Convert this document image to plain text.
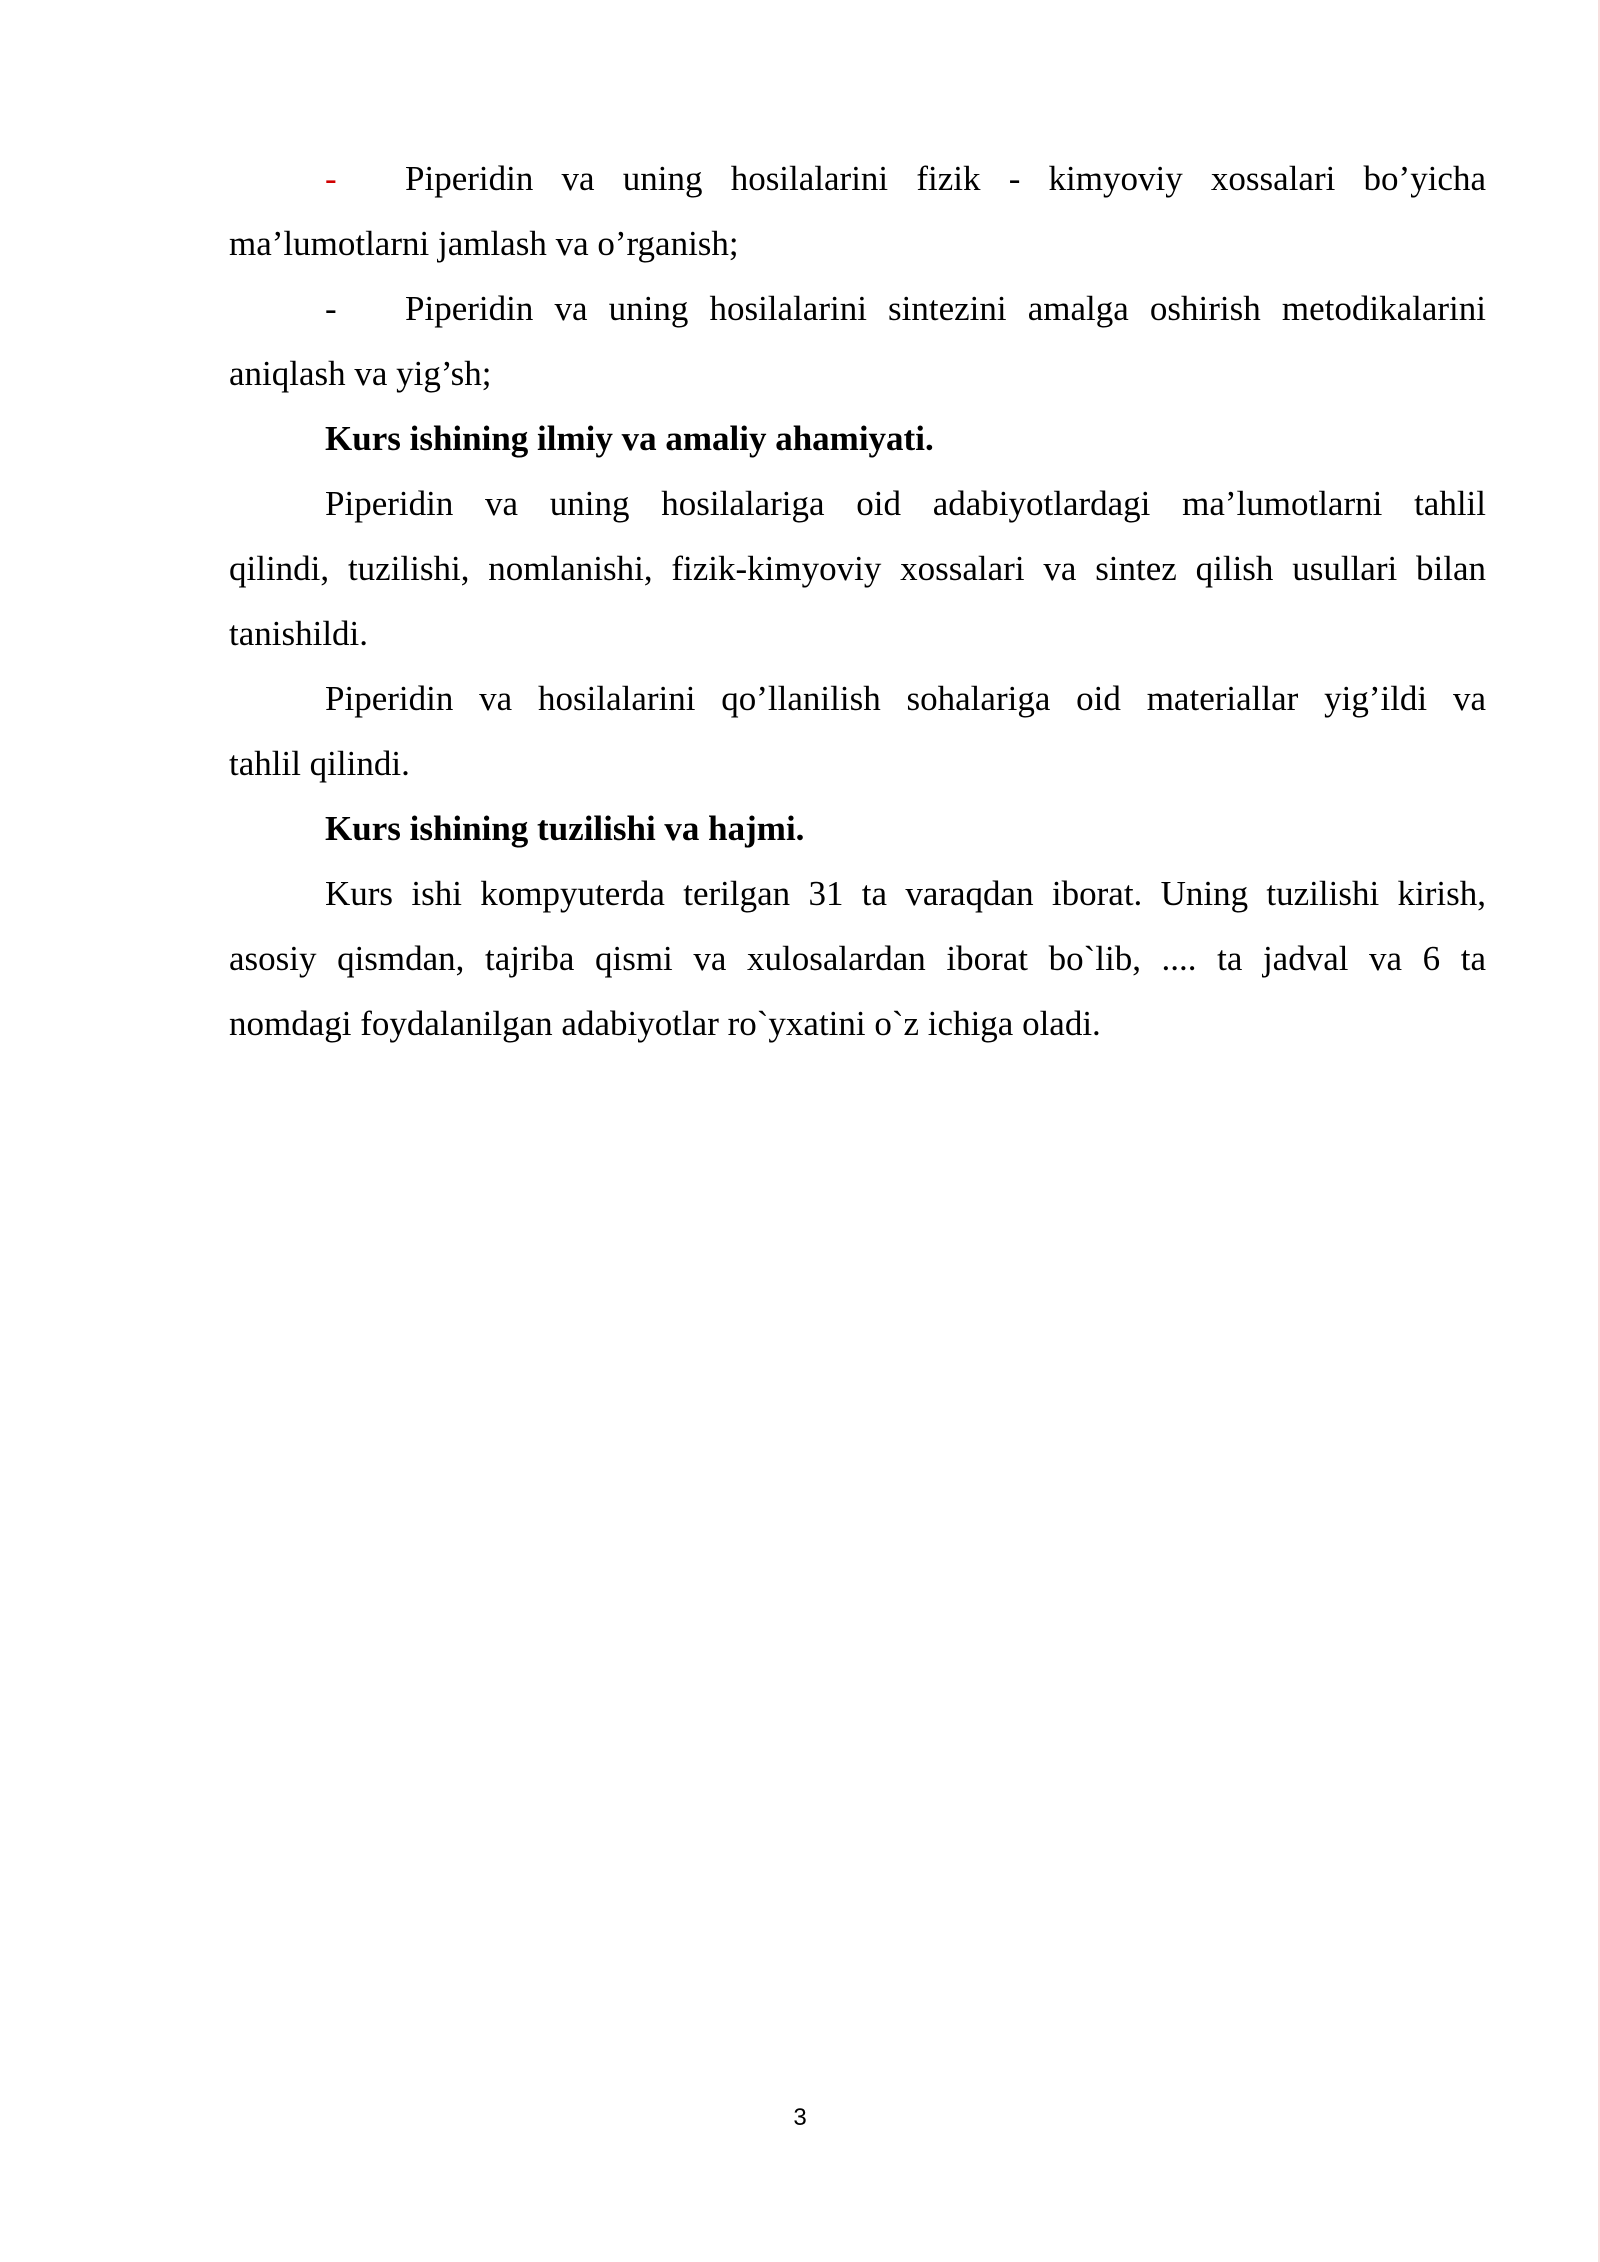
- Piperidin va uning hosilalarini fizik - kimyoviy xossalari bo’yicha
ma’lumotlarni jamlash va o’rganish;
- Piperidin va uning hosilalarini sintezini amalga oshirish metodikalarini
aniqlash va yig’sh;
Kurs ishining ilmiy va amaliy ahamiyati.
Piperidin va uning hosilalariga oid adabiyotlardagi ma’lumotlarni tahlil
qilindi, tuzilishi, nomlanishi, fizik-kimyoviy xossalari va sintez qilish usullari bilan
tanishildi.
Piperidin va hosilalarini qo’llanilish sohalariga oid materiallar yig’ildi va
tahlil qilindi.
Kurs ishining tuzilishi va hajmi.
Kurs ishi kompyuterda terilgan 31 ta varaqdan iborat. Uning tuzilishi kirish,
asosiy qismdan, tajriba qismi va xulosalardan iborat bo`lib, .... ta jadval va 6 ta
nomdagi foydalanilgan adabiyotlar ro`yxatini o`z ichiga oladi.
3
